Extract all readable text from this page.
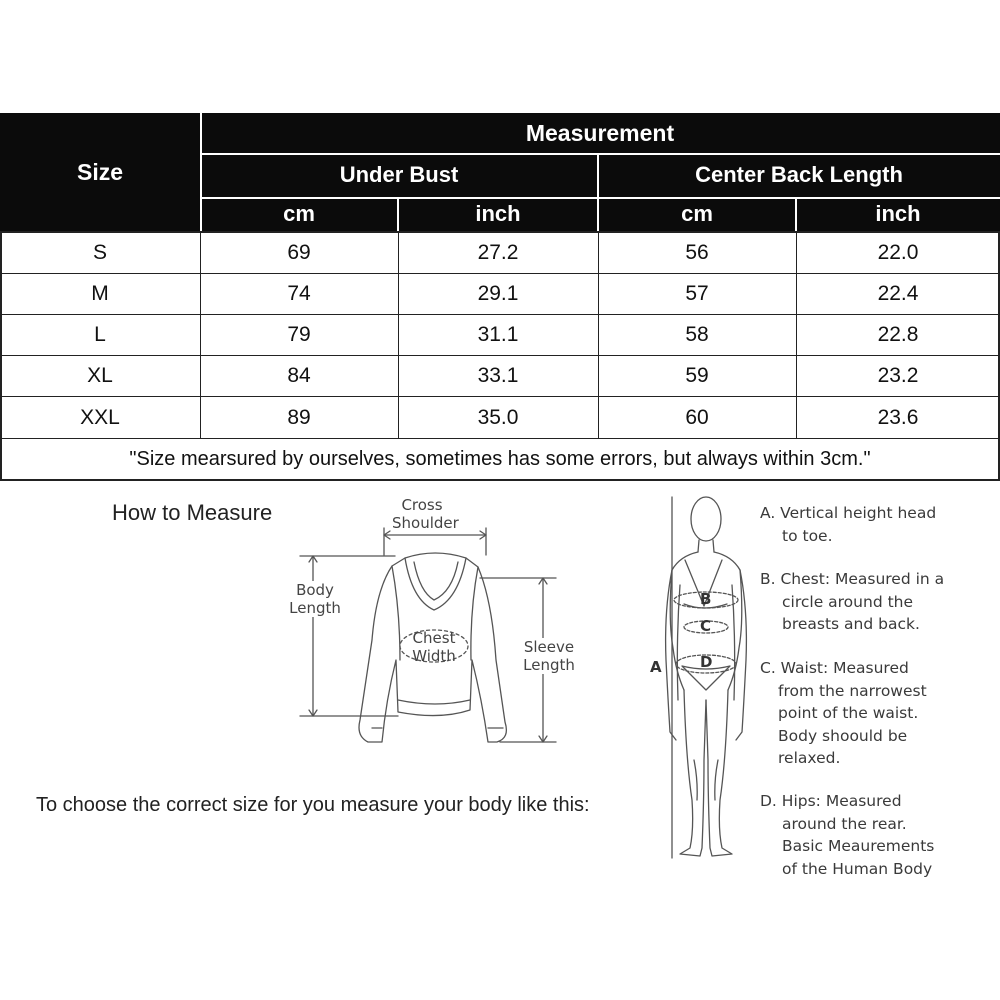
Size
Measurement
Under Bust	Center Back Length
cm	inch	cm	inch
S	69	27.2	56	22.0
M	74	29.1	57	22.4
L	79	31.1	58	22.8
XL	84	33.1	59	23.2
XXL	89	35.0	60	23.6
"Size mearsured by ourselves, sometimes has some errors, but always within 3cm."
How to Measure
To choose the correct size for you measure your body like this:
Cross
Shoulder
Body
Length
Chest
Width	Sleeve
Length	A
B
C
D
A. Vertical height head
to toe.
B. Chest: Measured in a
circle around the
breasts and back.
C. Waist: Measured
from the narrowest
point of the waist.
Body shoould be
relaxed.
D. Hips: Measured
around the rear.
Basic Meaurements
of the Human Body
